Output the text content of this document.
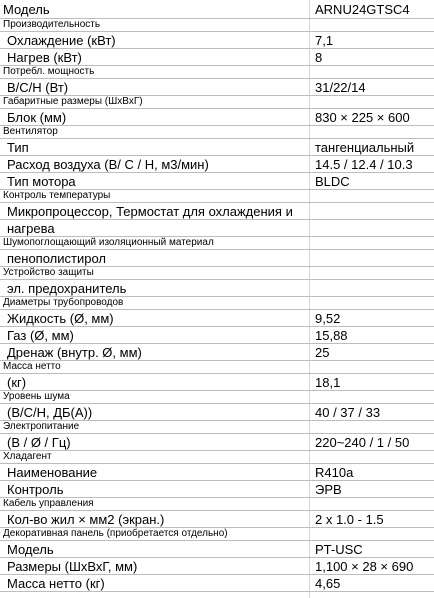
Модель	ARNU24GTSC4
Производительность
Охлаждение (кВт)	7,1
Нагрев (кВт)	8
Потребл. мощность
В/С/Н (Вт)	31/22/14
Габаритные размеры (ШхВхГ)
Блок (мм)	830 × 225 × 600
Вентилятор
Тип	тангенциальный
Расход воздуха (В/ С / Н, м3/мин)	14.5 / 12.4 / 10.3
Тип мотора	BLDC
Контроль температуры
Микропроцессор, Термостат для охлаждения и
нагрева
Шумопоглощающий изоляционный материал
пенополистирол
Устройство защиты
эл. предохранитель
Диаметры трубопроводов
Жидкость (Ø, мм)	9,52
Газ (Ø, мм)	15,88
Дренаж (внутр. Ø, мм)	25
Масса нетто
(кг)	18,1
Уровень шума
(В/С/Н, ДБ(А))	40 / 37 / 33
Электропитание
(В / Ø / Гц)	220~240 / 1 / 50
Хладагент
Наименование	R410a
Контроль	ЭРВ
Кабель управления
Кол-во жил × мм2 (экран.)	2 x 1.0 - 1.5
Декоративная панель (приобретается отдельно)
Модель	PT-USC
Размеры (ШхВхГ, мм)	1,100 × 28 × 690
Масса нетто (кг)	4,65
